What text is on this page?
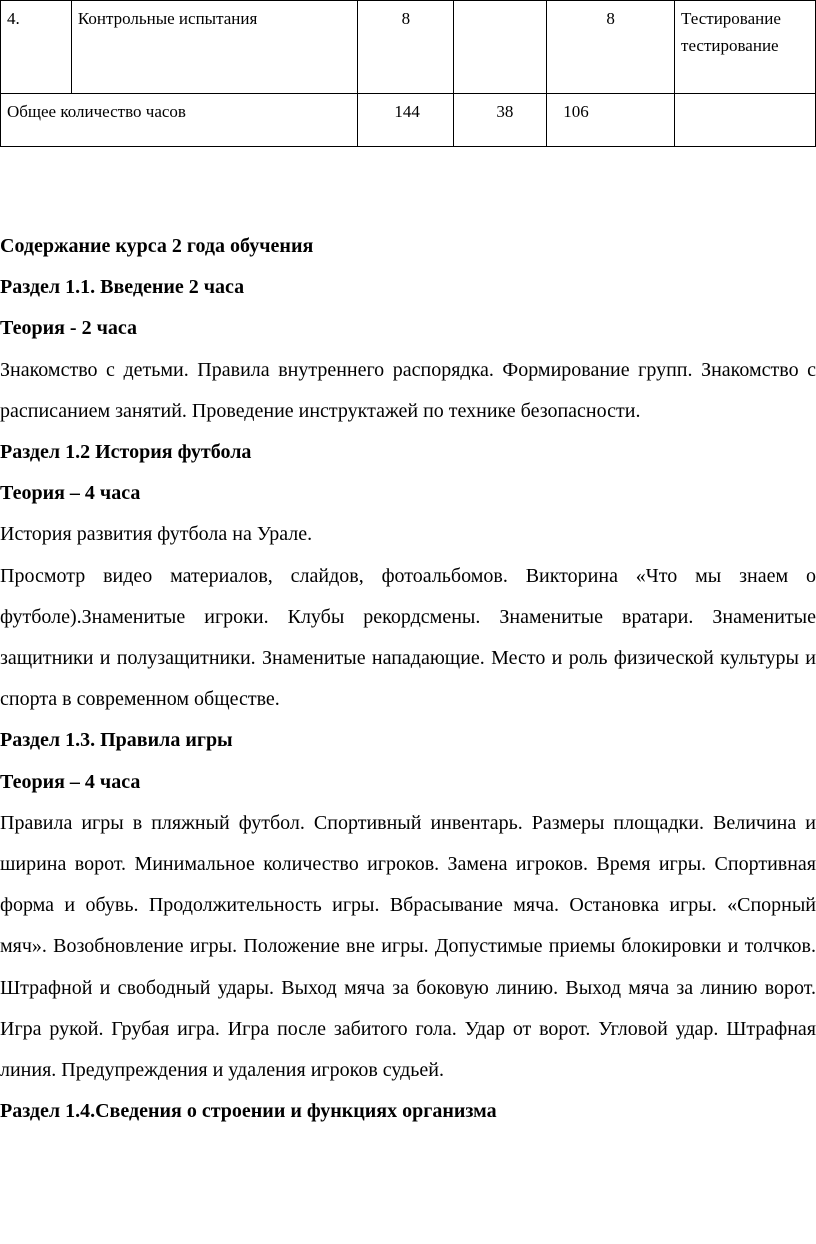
4.	Контрольные испытания	8		8	Тестирование
тестирование
Общее количество часов		144	38	106	

Содержание курса 2 года обучения

Раздел 1.1. Введение 2 часа

Теория - 2 часа

Знакомство с детьми. Правила внутреннего распорядка. Формирование групп. Знакомство с расписанием занятий. Проведение инструктажей по технике безопасности.

Раздел 1.2 История футбола

Теория – 4 часа

История развития футбола на Урале.

Просмотр видео материалов, слайдов, фотоальбомов. Викторина «Что мы знаем о футболе).Знаменитые игроки. Клубы рекордсмены. Знаменитые вратари. Знаменитые защитники и полузащитники. Знаменитые нападающие. Место и роль физической культуры и спорта в современном обществе.

Раздел 1.3. Правила игры

Теория – 4 часа

Правила игры в пляжный футбол. Спортивный инвентарь. Размеры площадки. Величина и ширина ворот. Минимальное количество игроков. Замена игроков. Время игры. Спортивная форма и обувь. Продолжительность игры. Вбрасывание мяча. Остановка игры. «Спорный мяч». Возобновление игры. Положение вне игры. Допустимые приемы блокировки и толчков. Штрафной и свободный удары. Выход мяча за боковую линию. Выход мяча за линию ворот. Игра рукой. Грубая игра. Игра после забитого гола. Удар от ворот. Угловой удар. Штрафная линия. Предупреждения и удаления игроков судьей.

Раздел 1.4.Сведения о строении и функциях организма
